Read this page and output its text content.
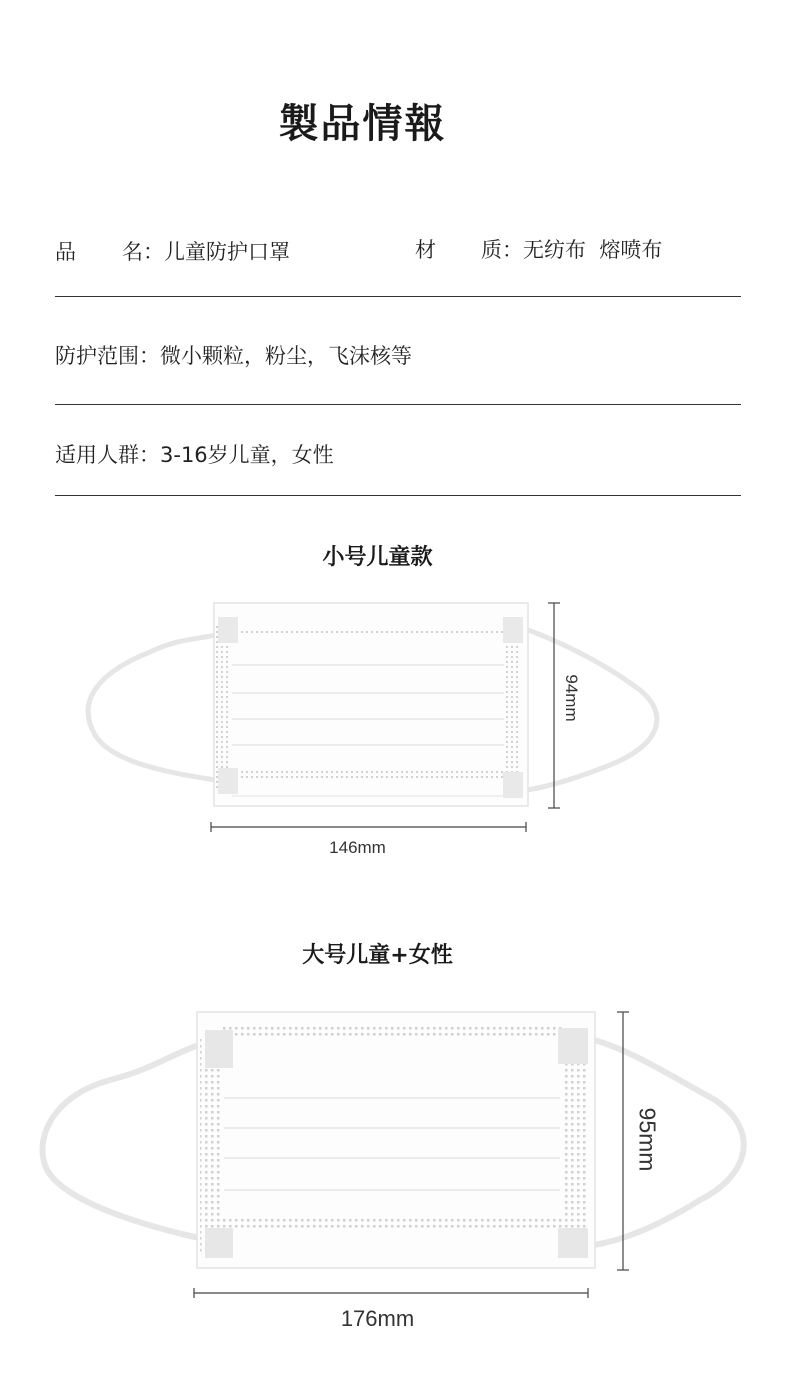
製品情報
品 名：儿童防护口罩	材 质：无纺布  熔喷布
防护范围：微小颗粒，粉尘，飞沫核等
适用人群：3-16岁儿童，女性
小号儿童款
94mm
146mm
大号儿童+女性
95mm
176mm
